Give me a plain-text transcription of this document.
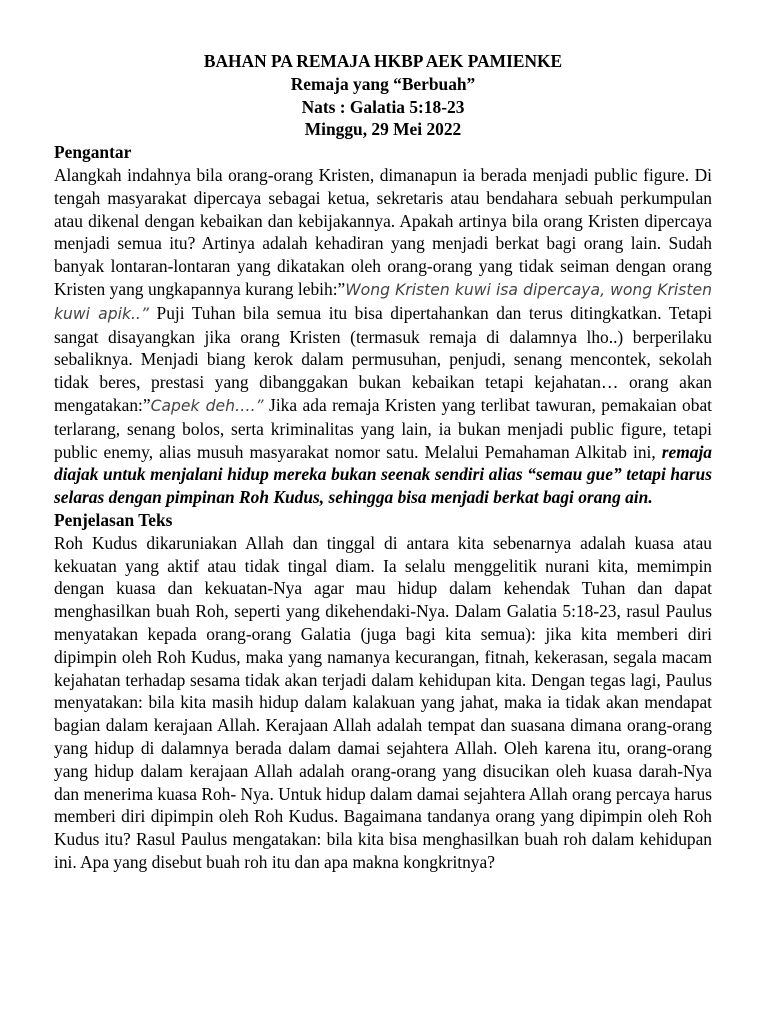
BAHAN PA REMAJA HKBP AEK PAMIENKE

Remaja yang “Berbuah”

Nats : Galatia 5:18-23

Minggu, 29 Mei 2022

Pengantar

Alangkah indahnya bila orang-orang Kristen, dimanapun ia berada menjadi public figure. Di tengah masyarakat dipercaya sebagai ketua, sekretaris atau bendahara sebuah perkumpulan atau dikenal dengan kebaikan dan kebijakannya. Apakah artinya bila orang Kristen dipercaya menjadi semua itu? Artinya adalah kehadiran yang menjadi berkat bagi orang lain. Sudah banyak lontaran-lontaran yang dikatakan oleh orang-orang yang tidak seiman dengan orang Kristen yang ungkapannya kurang lebih:”Wong Kristen kuwi isa dipercaya, wong Kristen kuwi apik..” Puji Tuhan bila semua itu bisa dipertahankan dan terus ditingkatkan. Tetapi sangat disayangkan jika orang Kristen (termasuk remaja di dalamnya lho..) berperilaku sebaliknya. Menjadi biang kerok dalam permusuhan, penjudi, senang mencontek, sekolah tidak beres, prestasi yang dibanggakan bukan kebaikan tetapi kejahatan… orang akan mengatakan:”Capek deh….” Jika ada remaja Kristen yang terlibat tawuran, pemakaian obat terlarang, senang bolos, serta kriminalitas yang lain, ia bukan menjadi public figure, tetapi public enemy, alias musuh masyarakat nomor satu. Melalui Pemahaman Alkitab ini, remaja diajak untuk menjalani hidup mereka bukan seenak sendiri alias “semau gue” tetapi harus selaras dengan pimpinan Roh Kudus, sehingga bisa menjadi berkat bagi orang ain.

Penjelasan Teks

Roh Kudus dikaruniakan Allah dan tinggal di antara kita sebenarnya adalah kuasa atau kekuatan yang aktif atau tidak tingal diam. Ia selalu menggelitik nurani kita, memimpin dengan kuasa dan kekuatan-Nya agar mau hidup dalam kehendak Tuhan dan dapat menghasilkan buah Roh, seperti yang dikehendaki-Nya. Dalam Galatia 5:18-23, rasul Paulus menyatakan kepada orang-orang Galatia (juga bagi kita semua): jika kita memberi diri dipimpin oleh Roh Kudus, maka yang namanya kecurangan, fitnah, kekerasan, segala macam kejahatan terhadap sesama tidak akan terjadi dalam kehidupan kita. Dengan tegas lagi, Paulus menyatakan: bila kita masih hidup dalam kalakuan yang jahat, maka ia tidak akan mendapat bagian dalam kerajaan Allah. Kerajaan Allah adalah tempat dan suasana dimana orang-orang yang hidup di dalamnya berada dalam damai sejahtera Allah. Oleh karena itu, orang-orang yang hidup dalam kerajaan Allah adalah orang-orang yang disucikan oleh kuasa darah-Nya dan menerima kuasa Roh- Nya. Untuk hidup dalam damai sejahtera Allah orang percaya harus memberi diri dipimpin oleh Roh Kudus. Bagaimana tandanya orang yang dipimpin oleh Roh Kudus itu? Rasul Paulus mengatakan: bila kita bisa menghasilkan buah roh dalam kehidupan ini. Apa yang disebut buah roh itu dan apa makna kongkritnya?
